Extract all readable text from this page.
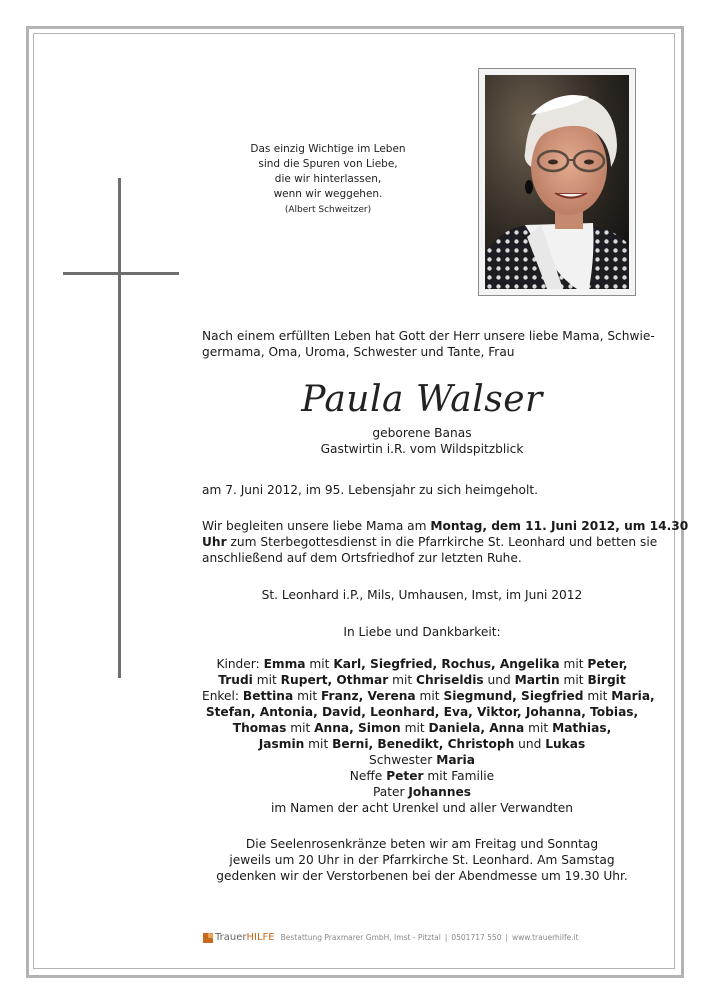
Das einzig Wichtige im Leben
sind die Spuren von Liebe,
die wir hinterlassen,
wenn wir weggehen.
(Albert Schweitzer)
Nach einem erfüllten Leben hat Gott der Herr unsere liebe Mama, Schwie-
germama, Oma, Uroma, Schwester und Tante, Frau
Paula Walser
geborene Banas
Gastwirtin i.R. vom Wildspitzblick
am 7. Juni 2012, im 95. Lebensjahr zu sich heimgeholt.
Wir begleiten unsere liebe Mama am Montag, dem 11. Juni 2012, um 14.30
Uhr zum Sterbegottesdienst in die Pfarrkirche St. Leonhard und betten sie
anschließend auf dem Ortsfriedhof zur letzten Ruhe.
St. Leonhard i.P., Mils, Umhausen, Imst, im Juni 2012
In Liebe und Dankbarkeit:
Kinder: Emma mit Karl, Siegfried, Rochus, Angelika mit Peter,
Trudi mit Rupert, Othmar mit Chriseldis und Martin mit Birgit
Enkel: Bettina mit Franz, Verena mit Siegmund, Siegfried mit Maria,
Stefan, Antonia, David, Leonhard, Eva, Viktor, Johanna, Tobias,
Thomas mit Anna, Simon mit Daniela, Anna mit Mathias,
Jasmin mit Berni, Benedikt, Christoph und Lukas
Schwester Maria
Neffe Peter mit Familie
Pater Johannes
im Namen der acht Urenkel und aller Verwandten
Die Seelenrosenkränze beten wir am Freitag und Sonntag
jeweils um 20 Uhr in der Pfarrkirche St. Leonhard. Am Samstag
gedenken wir der Verstorbenen bei der Abendmesse um 19.30 Uhr.
Trauer HILFE Bestattung Praxmarer GmbH, Imst - Pitztal | 0501717 550 | www.trauerhilfe.it
